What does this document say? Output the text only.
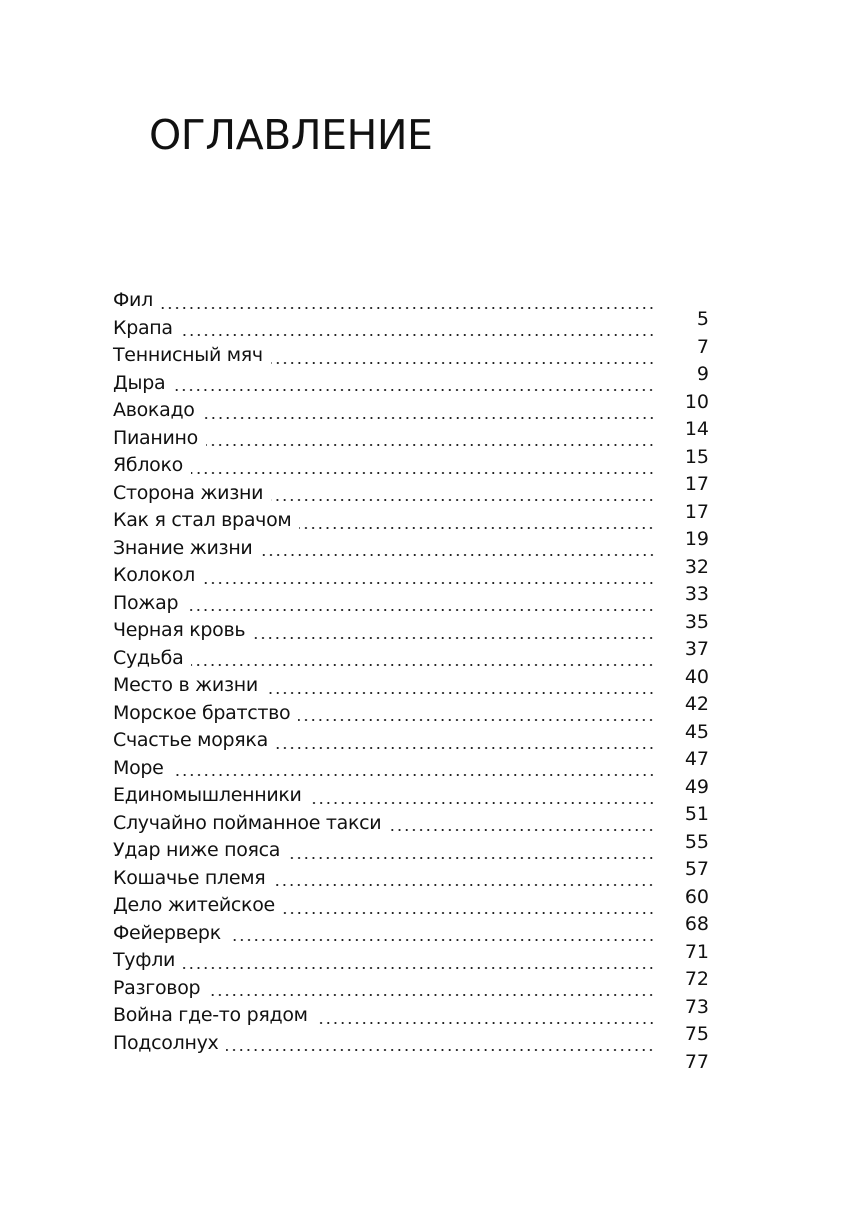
ОГЛАВЛЕНИЕ
Фил
5
Крапа
7
Теннисный мяч
9
Дыра
10
Авокадо
14
Пианино
15
Яблоко
17
Сторона жизни
17
Как я стал врачом
19
Знание жизни
32
Колокол
33
Пожар
35
Черная кровь
37
Судьба
40
Место в жизни
42
Морское братство
45
Счастье моряка
47
Море
49
Единомышленники
51
Случайно пойманное такси
55
Удар ниже пояса
57
Кошачье племя
60
Дело житейское
68
Фейерверк
71
Туфли
72
Разговор
73
Война где-то рядом
75
Подсолнух
77
